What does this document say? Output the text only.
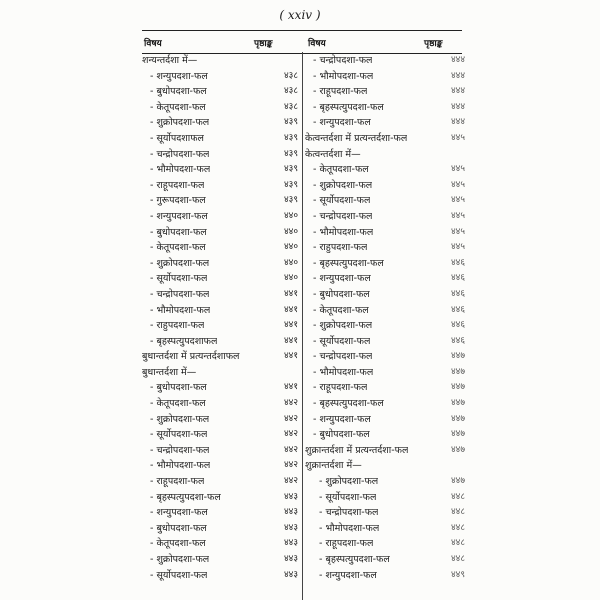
( xxiv )
विषय	पृष्ठाङ्क	विषय	पृष्ठाङ्क
शन्यन्तर्दशा में—
- शन्युपदशा-फल	४३८
- बुधोपदशा-फल	४३८
- केतूपदशा-फल	४३८
- शुक्रोपदशा-फल	४३९
- सूर्योपदशाफल	४३९
- चन्द्रोपदशा-फल	४३९
- भौमोपदशा-फल	४३९
- राहूपदशा-फल	४३९
- गुरूपदशा-फल	४३९
- शन्युपदशा-फल	४४०
- बुधोपदशा-फल	४४०
- केतूपदशा-फल	४४०
- शुक्रोपदशा-फल	४४०
- सूर्योपदशा-फल	४४०
- चन्द्रोपदशा-फल	४४१
- भौमोपदशा-फल	४४१
- राहुपदशा-फल	४४१
- बृहस्पत्युपदशाफल	४४१
बुधान्तर्दशा में प्रत्यन्तर्दशाफल	४४१
बुधान्तर्दशा में—
- बुधोपदशा-फल	४४१
- केतूपदशा-फल	४४२
- शुक्रोपदशा-फल	४४२
- सूर्योपदशा-फल	४४२
- चन्द्रोपदशा-फल	४४२
- भौमोपदशा-फल	४४२
- राहूपदशा-फल	४४२
- बृहस्पत्युपदशा-फल	४४३
- शन्युपदशा-फल	४४३
- बुधोपदशा-फल	४४३
- केतूपदशा-फल	४४३
- शुक्रोपदशा-फल	४४३
- सूर्योपदशा-फल	४४३
- चन्द्रोपदशा-फल	४४४
- भौमोपदशा-फल	४४४
- राहूपदशा-फल	४४४
- बृहस्पत्युपदशा-फल	४४४
- शन्युपदशा-फल	४४४
केत्वन्तर्दशा में प्रत्यन्तर्दशा-फल	४४५
केत्वन्तर्दशा में—
- केतूपदशा-फल	४४५
- शुक्रोपदशा-फल	४४५
- सूर्योपदशा-फल	४४५
- चन्द्रोपदशा-फल	४४५
- भौमोपदशा-फल	४४५
- राहुपदशा-फल	४४५
- बृहस्पत्युपदशा-फल	४४६
- शन्युपदशा-फल	४४६
- बुधोपदशा-फल	४४६
- केतूपदशा-फल	४४६
- शुक्रोपदशा-फल	४४६
- सूर्योपदशा-फल	४४६
- चन्द्रोपदशा-फल	४४७
- भौमोपदशा-फल	४४७
- राहूपदशा-फल	४४७
- बृहस्पत्युपदशा-फल	४४७
- शन्युपदशा-फल	४४७
- बुधोपदशा-फल	४४७
शुक्रान्तर्दशा में प्रत्यन्तर्दशा-फल	४४७
शुक्रान्तर्दशा में—
- शुक्रोपदशा-फल	४४७
- सूर्योपदशा-फल	४४८
- चन्द्रोपदशा-फल	४४८
- भौमोपदशा-फल	४४८
- राहूपदशा-फल	४४८
- बृहस्पत्युपदशा-फल	४४८
- शन्युपदशा-फल	४४९
